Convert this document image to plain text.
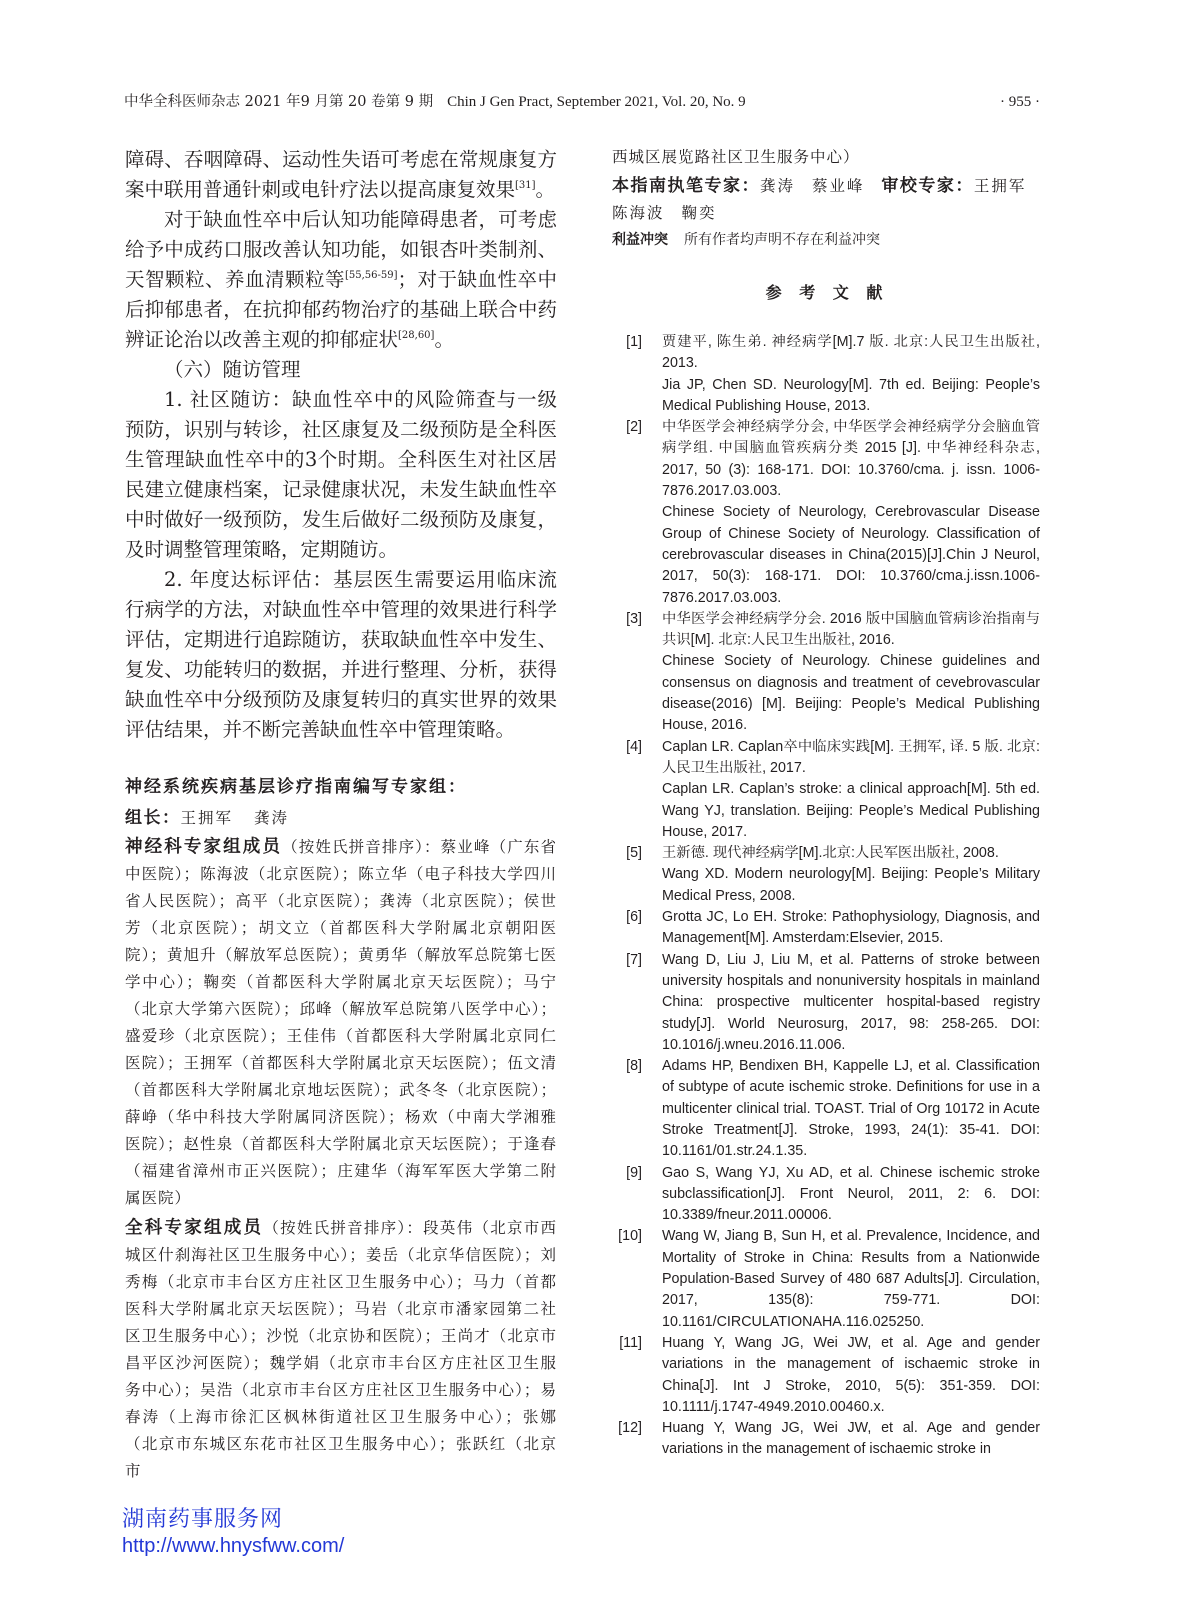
中华全科医师杂志 2021 年9 月第 20 卷第 9 期 Chin J Gen Pract, September 2021, Vol. 20, No. 9	· 955 ·

障碍、吞咽障碍、运动性失语可考虑在常规康复方案中联用普通针刺或电针疗法以提高康复效果[31]。

对于缺血性卒中后认知功能障碍患者，可考虑给予中成药口服改善认知功能，如银杏叶类制剂、天智颗粒、养血清颗粒等[55,56-59]；对于缺血性卒中后抑郁患者，在抗抑郁药物治疗的基础上联合中药辨证论治以改善主观的抑郁症状[28,60]。

（六）随访管理

1. 社区随访：缺血性卒中的风险筛查与一级预防，识别与转诊，社区康复及二级预防是全科医生管理缺血性卒中的3个时期。全科医生对社区居民建立健康档案，记录健康状况，未发生缺血性卒中时做好一级预防，发生后做好二级预防及康复，及时调整管理策略，定期随访。

2. 年度达标评估：基层医生需要运用临床流行病学的方法，对缺血性卒中管理的效果进行科学评估，定期进行追踪随访，获取缺血性卒中发生、复发、功能转归的数据，并进行整理、分析，获得缺血性卒中分级预防及康复转归的真实世界的效果评估结果，并不断完善缺血性卒中管理策略。

神经系统疾病基层诊疗指南编写专家组：
组长：王拥军 龚涛
神经科专家组成员（按姓氏拼音排序）：蔡业峰（广东省中医院）；陈海波（北京医院）；陈立华（电子科技大学四川省人民医院）；高平（北京医院）；龚涛（北京医院）；侯世芳（北京医院）；胡文立（首都医科大学附属北京朝阳医院）；黄旭升（解放军总医院）；黄勇华（解放军总院第七医学中心）；鞠奕（首都医科大学附属北京天坛医院）；马宁（北京大学第六医院）；邱峰（解放军总院第八医学中心）；盛爱珍（北京医院）；王佳伟（首都医科大学附属北京同仁医院）；王拥军（首都医科大学附属北京天坛医院）；伍文清（首都医科大学附属北京地坛医院）；武冬冬（北京医院）；薛峥（华中科技大学附属同济医院）；杨欢（中南大学湘雅医院）；赵性泉（首都医科大学附属北京天坛医院）；于逢春（福建省漳州市正兴医院）；庄建华（海军军医大学第二附属医院）
全科专家组成员（按姓氏拼音排序）：段英伟（北京市西城区什刹海社区卫生服务中心）；姜岳（北京华信医院）；刘秀梅（北京市丰台区方庄社区卫生服务中心）；马力（首都医科大学附属北京天坛医院）；马岩（北京市潘家园第二社区卫生服务中心）；沙悦（北京协和医院）；王尚才（北京市昌平区沙河医院）；魏学娟（北京市丰台区方庄社区卫生服务中心）；吴浩（北京市丰台区方庄社区卫生服务中心）；易春涛（上海市徐汇区枫林街道社区卫生服务中心）；张娜（北京市东城区东花市社区卫生服务中心）；张跃红（北京市
西城区展览路社区卫生服务中心）
本指南执笔专家：龚涛 蔡业峰 审校专家：王拥军 陈海波 鞠奕
利益冲突 所有作者均声明不存在利益冲突
参 考 文 献
[1] 贾建平, 陈生弟. 神经病学[M].7 版. 北京:人民卫生出版社, 2013.
Jia JP, Chen SD. Neurology[M]. 7th ed. Beijing: People’s Medical Publishing House, 2013.
[2] 中华医学会神经病学分会, 中华医学会神经病学分会脑血管病学组. 中国脑血管疾病分类 2015 [J]. 中华神经科杂志, 2017, 50 (3): 168-171. DOI: 10.3760/cma. j. issn. 1006-7876.2017.03.003.
Chinese Society of Neurology, Cerebrovascular Disease Group of Chinese Society of Neurology. Classification of cerebrovascular diseases in China(2015)[J].Chin J Neurol, 2017, 50(3): 168-171. DOI: 10.3760/cma.j.issn.1006-7876.2017.03.003.
[3] 中华医学会神经病学分会. 2016 版中国脑血管病诊治指南与共识[M]. 北京:人民卫生出版社, 2016.
Chinese Society of Neurology. Chinese guidelines and consensus on diagnosis and treatment of cevebrovascular disease(2016) [M]. Beijing: People’s Medical Publishing House, 2016.
[4] Caplan LR. Caplan卒中临床实践[M]. 王拥军, 译. 5 版. 北京:人民卫生出版社, 2017.
Caplan LR. Caplan’s stroke: a clinical approach[M]. 5th ed. Wang YJ, translation. Beijing: People’s Medical Publishing House, 2017.
[5] 王新德. 现代神经病学[M].北京:人民军医出版社, 2008.
Wang XD. Modern neurology[M]. Beijing: People’s Military Medical Press, 2008.
[6] Grotta JC, Lo EH. Stroke: Pathophysiology, Diagnosis, and Management[M]. Amsterdam:Elsevier, 2015.
[7] Wang D, Liu J, Liu M, et al. Patterns of stroke between university hospitals and nonuniversity hospitals in mainland China: prospective multicenter hospital-based registry study[J]. World Neurosurg, 2017, 98: 258-265. DOI: 10.1016/j.wneu.2016.11.006.
[8] Adams HP, Bendixen BH, Kappelle LJ, et al. Classification of subtype of acute ischemic stroke. Definitions for use in a multicenter clinical trial. TOAST. Trial of Org 10172 in Acute Stroke Treatment[J]. Stroke, 1993, 24(1): 35-41. DOI: 10.1161/01.str.24.1.35.
[9] Gao S, Wang YJ, Xu AD, et al. Chinese ischemic stroke subclassification[J]. Front Neurol, 2011, 2: 6. DOI: 10.3389/fneur.2011.00006.
[10] Wang W, Jiang B, Sun H, et al. Prevalence, Incidence, and Mortality of Stroke in China: Results from a Nationwide Population-Based Survey of 480 687 Adults[J]. Circulation, 2017, 135(8): 759-771. DOI: 10.1161/CIRCULATIONAHA.116.025250.
[11] Huang Y, Wang JG, Wei JW, et al. Age and gender variations in the management of ischaemic stroke in China[J]. Int J Stroke, 2010, 5(5): 351-359. DOI: 10.1111/j.1747-4949.2010.00460.x.
[12] Huang Y, Wang JG, Wei JW, et al. Age and gender variations in the management of ischaemic stroke in
湖南药事服务网
http://www.hnysfww.com/
